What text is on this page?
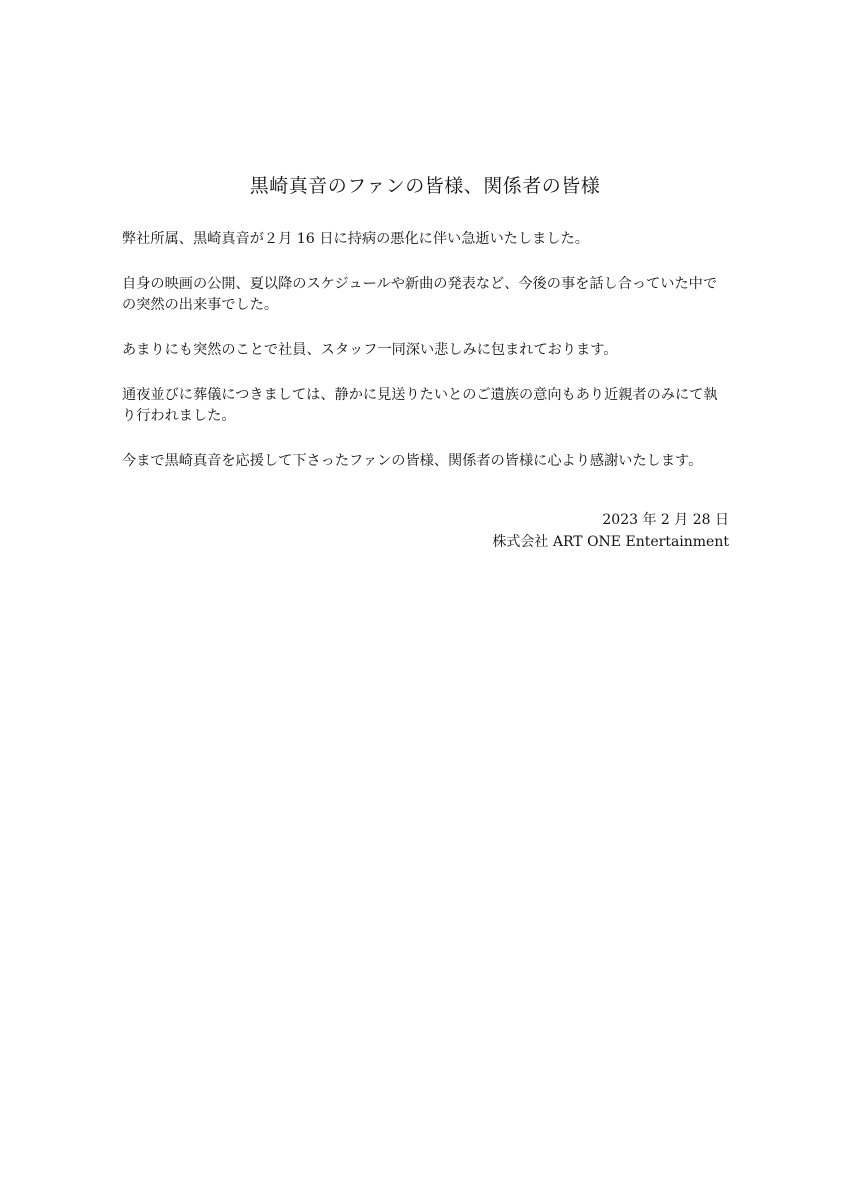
黒崎真音のファンの皆様、関係者の皆様

弊社所属、黒崎真音が２月 16 日に持病の悪化に伴い急逝いたしました。

自身の映画の公開、夏以降のスケジュールや新曲の発表など、今後の事を話し合っていた中で
の突然の出来事でした。

あまりにも突然のことで社員、スタッフ一同深い悲しみに包まれております。

通夜並びに葬儀につきましては、静かに見送りたいとのご遺族の意向もあり近親者のみにて執
り行われました。

今まで黒崎真音を応援して下さったファンの皆様、関係者の皆様に心より感謝いたします。

2023 年 2 月 28 日
株式会社 ART ONE Entertainment
